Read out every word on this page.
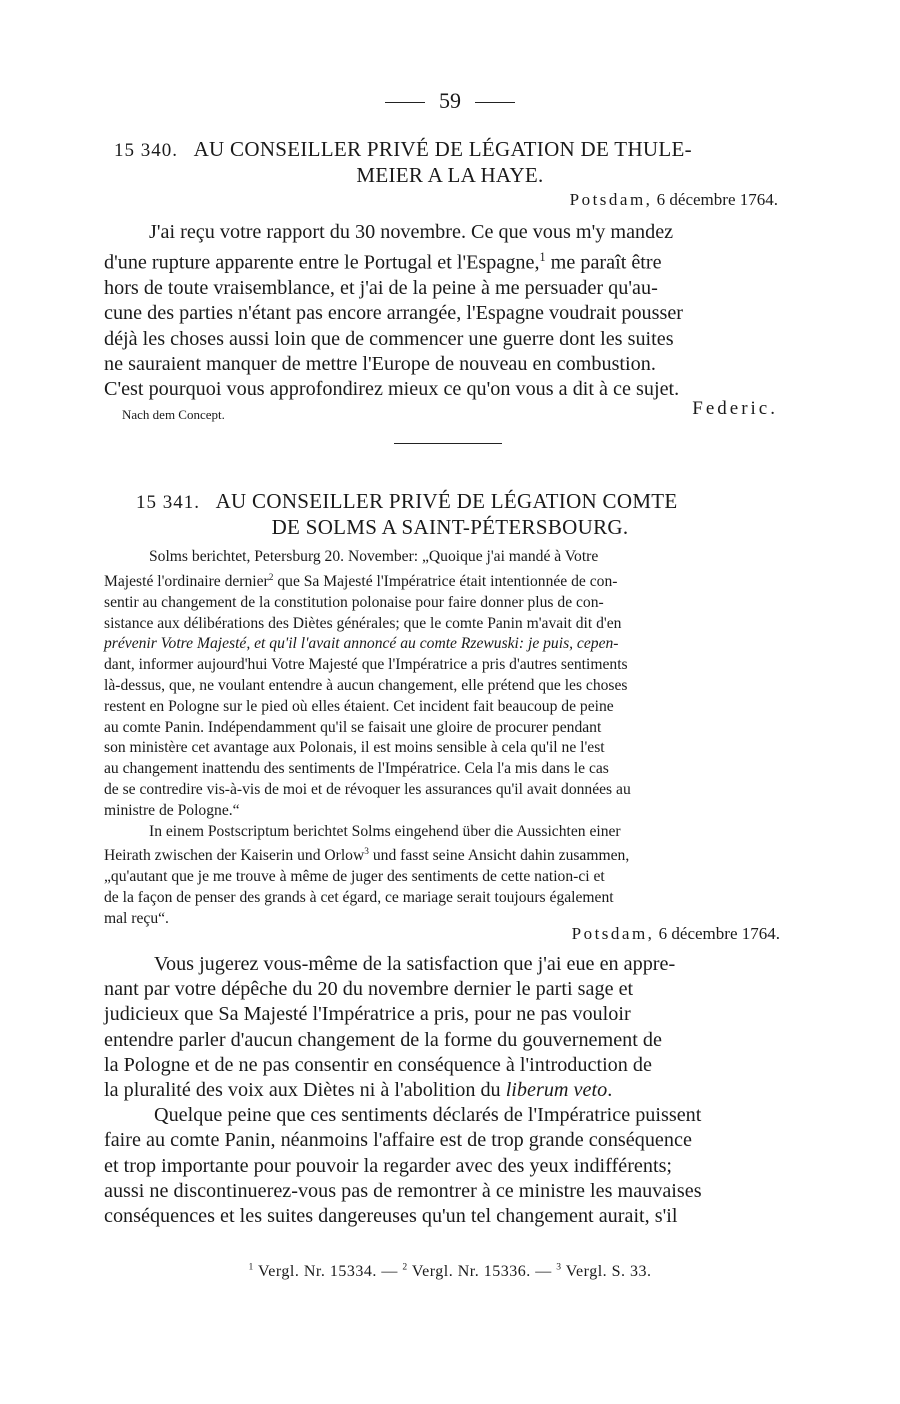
59
15 340. AU CONSEILLER PRIVÉ DE LÉGATION DE THULE-
MEIER A LA HAYE.
Potsdam, 6 décembre 1764.

J'ai reçu votre rapport du 30 novembre. Ce que vous m'y mandez

d'une rupture apparente entre le Portugal et l'Espagne,$^1$ me paraît être

hors de toute vraisemblance, et j'ai de la peine à me persuader qu'au-

cune des parties n'étant pas encore arrangée, l'Espagne voudrait pousser

déjà les choses aussi loin que de commencer une guerre dont les suites

ne sauraient manquer de mettre l'Europe de nouveau en combustion.

C'est pourquoi vous approfondirez mieux ce qu'on vous a dit à ce sujet.

Nach dem Concept.	Federic.
15 341. AU CONSEILLER PRIVÉ DE LÉGATION COMTE
DE SOLMS A SAINT-PÉTERSBOURG.

Solms berichtet, Petersburg 20. November: „Quoique j'ai mandé à Votre

Majesté l'ordinaire dernier$^2$ que Sa Majesté l'Impératrice était intentionnée de con-

sentir au changement de la constitution polonaise pour faire donner plus de con-

sistance aux délibérations des Diètes générales; que le comte Panin m'avait dit d'en

prévenir Votre Majesté, et qu'il l'avait annoncé au comte Rzewuski: je puis, cepen-

dant, informer aujourd'hui Votre Majesté que l'Impératrice a pris d'autres sentiments

là-dessus, que, ne voulant entendre à aucun changement, elle prétend que les choses

restent en Pologne sur le pied où elles étaient. Cet incident fait beaucoup de peine

au comte Panin. Indépendamment qu'il se faisait une gloire de procurer pendant

son ministère cet avantage aux Polonais, il est moins sensible à cela qu'il ne l'est

au changement inattendu des sentiments de l'Impératrice. Cela l'a mis dans le cas

de se contredire vis-à-vis de moi et de révoquer les assurances qu'il avait données au

ministre de Pologne.“

In einem Postscriptum berichtet Solms eingehend über die Aussichten einer

Heirath zwischen der Kaiserin und Orlow$^3$ und fasst seine Ansicht dahin zusammen,

„qu'autant que je me trouve à même de juger des sentiments de cette nation-ci et

de la façon de penser des grands à cet égard, ce mariage serait toujours également

mal reçu“.

Potsdam, 6 décembre 1764.

Vous jugerez vous-même de la satisfaction que j'ai eue en appre-

nant par votre dépêche du 20 du novembre dernier le parti sage et

judicieux que Sa Majesté l'Impératrice a pris, pour ne pas vouloir

entendre parler d'aucun changement de la forme du gouvernement de

la Pologne et de ne pas consentir en conséquence à l'introduction de

la pluralité des voix aux Diètes ni à l'abolition du liberum veto.

Quelque peine que ces sentiments déclarés de l'Impératrice puissent

faire au comte Panin, néanmoins l'affaire est de trop grande conséquence

et trop importante pour pouvoir la regarder avec des yeux indifférents;

aussi ne discontinuerez-vous pas de remontrer à ce ministre les mauvaises

conséquences et les suites dangereuses qu'un tel changement aurait, s'il

$^1$ Vergl. Nr. 15334. — $^2$ Vergl. Nr. 15336. — $^3$ Vergl. S. 33.
